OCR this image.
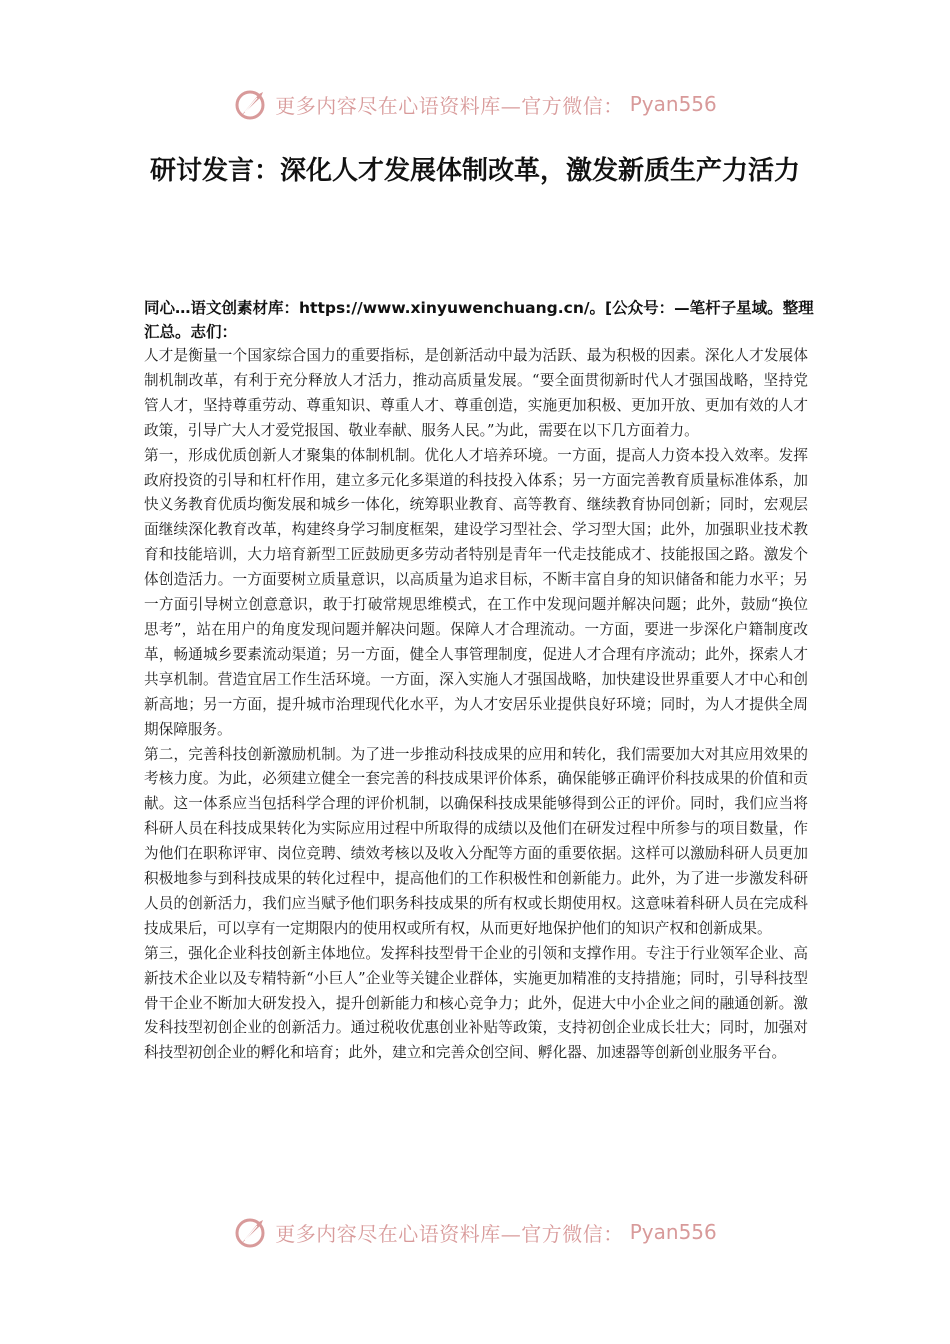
更多内容尽在心语资料库—官方微信： Pyan556
研讨发言：深化人才发展体制改革，激发新质生产力活力

同心…语文创素材库：https://www.xinyuwenchuang.cn/。[公众号：—笔杆子星域。整理汇总。志们：

人才是衡量一个国家综合国力的重要指标，是创新活动中最为活跃、最为积极的因素。深化人才发展体制机制改革，有利于充分释放人才活力，推动高质量发展。“要全面贯彻新时代人才强国战略，坚持党管人才，坚持尊重劳动、尊重知识、尊重人才、尊重创造，实施更加积极、更加开放、更加有效的人才政策，引导广大人才爱党报国、敬业奉献、服务人民。”为此，需要在以下几方面着力。

第一，形成优质创新人才聚集的体制机制。优化人才培养环境。一方面，提高人力资本投入效率。发挥政府投资的引导和杠杆作用，建立多元化多渠道的科技投入体系；另一方面完善教育质量标准体系，加快义务教育优质均衡发展和城乡一体化，统筹职业教育、高等教育、继续教育协同创新；同时，宏观层面继续深化教育改革，构建终身学习制度框架，建设学习型社会、学习型大国；此外，加强职业技术教育和技能培训，大力培育新型工匠鼓励更多劳动者特别是青年一代走技能成才、技能报国之路。激发个体创造活力。一方面要树立质量意识，以高质量为追求目标，不断丰富自身的知识储备和能力水平；另一方面引导树立创意意识，敢于打破常规思维模式，在工作中发现问题并解决问题；此外，鼓励“换位思考”，站在用户的角度发现问题并解决问题。保障人才合理流动。一方面，要进一步深化户籍制度改革，畅通城乡要素流动渠道；另一方面，健全人事管理制度，促进人才合理有序流动；此外，探索人才共享机制。营造宜居工作生活环境。一方面，深入实施人才强国战略，加快建设世界重要人才中心和创新高地；另一方面，提升城市治理现代化水平，为人才安居乐业提供良好环境；同时，为人才提供全周期保障服务。

第二，完善科技创新激励机制。为了进一步推动科技成果的应用和转化，我们需要加大对其应用效果的考核力度。为此，必须建立健全一套完善的科技成果评价体系，确保能够正确评价科技成果的价值和贡献。这一体系应当包括科学合理的评价机制，以确保科技成果能够得到公正的评价。同时，我们应当将科研人员在科技成果转化为实际应用过程中所取得的成绩以及他们在研发过程中所参与的项目数量，作为他们在职称评审、岗位竞聘、绩效考核以及收入分配等方面的重要依据。这样可以激励科研人员更加积极地参与到科技成果的转化过程中，提高他们的工作积极性和创新能力。此外，为了进一步激发科研人员的创新活力，我们应当赋予他们职务科技成果的所有权或长期使用权。这意味着科研人员在完成科技成果后，可以享有一定期限内的使用权或所有权，从而更好地保护他们的知识产权和创新成果。

第三，强化企业科技创新主体地位。发挥科技型骨干企业的引领和支撑作用。专注于行业领军企业、高新技术企业以及专精特新“小巨人”企业等关键企业群体，实施更加精准的支持措施；同时，引导科技型骨干企业不断加大研发投入，提升创新能力和核心竞争力；此外，促进大中小企业之间的融通创新。激发科技型初创企业的创新活力。通过税收优惠创业补贴等政策，支持初创企业成长壮大；同时，加强对科技型初创企业的孵化和培育；此外，建立和完善众创空间、孵化器、加速器等创新创业服务平台。

更多内容尽在心语资料库—官方微信： Pyan556
